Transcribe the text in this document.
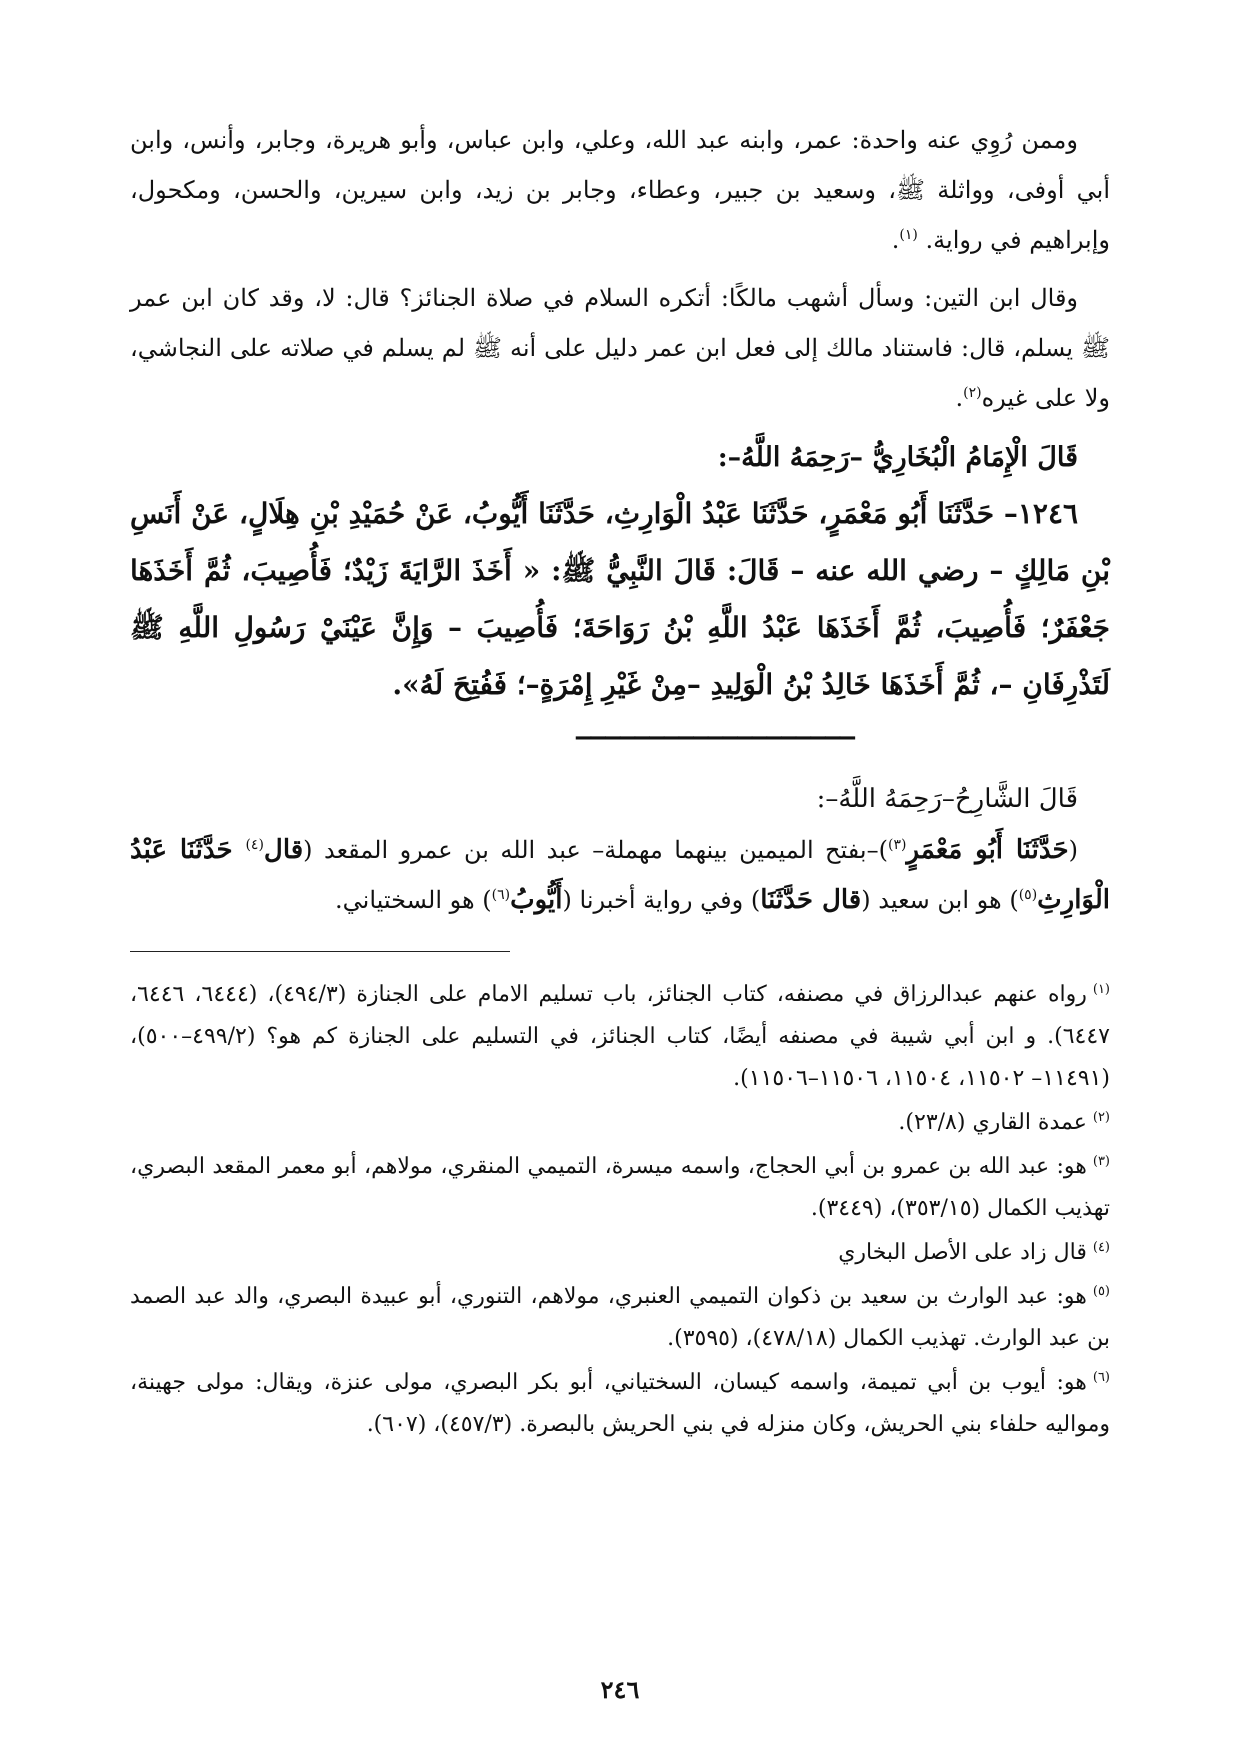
وممن رُوِي عنه واحدة: عمر، وابنه عبد الله، وعلي، وابن عباس، وأبو هريرة، وجابر، وأنس، وابن أبي أوفى، وواثلة ﷺ، وسعيد بن جبير، وعطاء، وجابر بن زيد، وابن سيرين، والحسن، ومكحول، وإبراهيم في رواية. $^{(١)}$.

وقال ابن التين: وسأل أشهب مالكًا: أتكره السلام في صلاة الجنائز؟ قال: لا، وقد كان ابن عمر ﷺ يسلم، قال: فاستناد مالك إلى فعل ابن عمر دليل على أنه ﷺ لم يسلم في صلاته على النجاشي، ولا على غيره$^{(٢)}$.

قَالَ الْإِمَامُ الْبُخَارِيُّ –رَحِمَهُ اللَّهُ–:

١٢٤٦– حَدَّثَنَا أَبُو مَعْمَرٍ، حَدَّثَنَا عَبْدُ الْوَارِثِ، حَدَّثَنَا أَيُّوبُ، عَنْ حُمَيْدِ بْنِ هِلَالٍ، عَنْ أَنَسِ بْنِ مَالِكٍ – رضي الله عنه – قَالَ: قَالَ النَّبِيُّ ﷺ: « أَخَذَ الرَّايَةَ زَيْدٌ؛ فَأُصِيبَ، ثُمَّ أَخَذَهَا جَعْفَرٌ؛ فَأُصِيبَ، ثُمَّ أَخَذَهَا عَبْدُ اللَّهِ بْنُ رَوَاحَةَ؛ فَأُصِيبَ – وَإِنَّ عَيْنَيْ رَسُولِ اللَّهِ ﷺ لَتَذْرِفَانِ –، ثُمَّ أَخَذَهَا خَالِدُ بْنُ الْوَلِيدِ –مِنْ غَيْرِ إِمْرَةٍ–؛ فَفُتِحَ لَهُ».

———————————————————

قَالَ الشَّارِحُ–رَحِمَهُ اللَّهُ–:

(حَدَّثَنَا أَبُو مَعْمَرٍ$^{(٣)}$)–بفتح الميمين بينهما مهملة– عبد الله بن عمرو المقعد (قال$^{(٤)}$ حَدَّثَنَا عَبْدُ الْوَارِثِ$^{(٥)}$) هو ابن سعيد (قال حَدَّثَنَا) وفي رواية أخبرنا (أَيُّوبُ$^{(٦)}$) هو السختياني.

$^{(١)}$رواه عنهم عبدالرزاق في مصنفه، كتاب الجنائز، باب تسليم الامام على الجنازة (٤٩٤/٣)، (٦٤٤٤، ٦٤٤٦، ٦٤٤٧). و ابن أبي شيبة في مصنفه أيضًا، كتاب الجنائز، في التسليم على الجنازة كم هو؟ (٤٩٩/٢–٥٠٠)، (١١٤٩١– ١١٥٠٢، ١١٥٠٤، ١١٥٠٦–١١٥٠٦).

$^{(٢)}$عمدة القاري (٢٣/٨).

$^{(٣)}$هو: عبد الله بن عمرو بن أبي الحجاج، واسمه ميسرة، التميمي المنقري، مولاهم، أبو معمر المقعد البصري، تهذيب الكمال (٣٥٣/١٥)، (٣٤٤٩).

$^{(٤)}$قال زاد على الأصل البخاري

$^{(٥)}$هو: عبد الوارث بن سعيد بن ذكوان التميمي العنبري، مولاهم، التنوري، أبو عبيدة البصري، والد عبد الصمد بن عبد الوارث. تهذيب الكمال (٤٧٨/١٨)، (٣٥٩٥).

$^{(٦)}$هو: أيوب بن أبي تميمة، واسمه كيسان، السختياني، أبو بكر البصري، مولى عنزة، ويقال: مولى جهينة، ومواليه حلفاء بني الحريش، وكان منزله في بني الحريش بالبصرة. (٤٥٧/٣)، (٦٠٧).

٢٤٦
